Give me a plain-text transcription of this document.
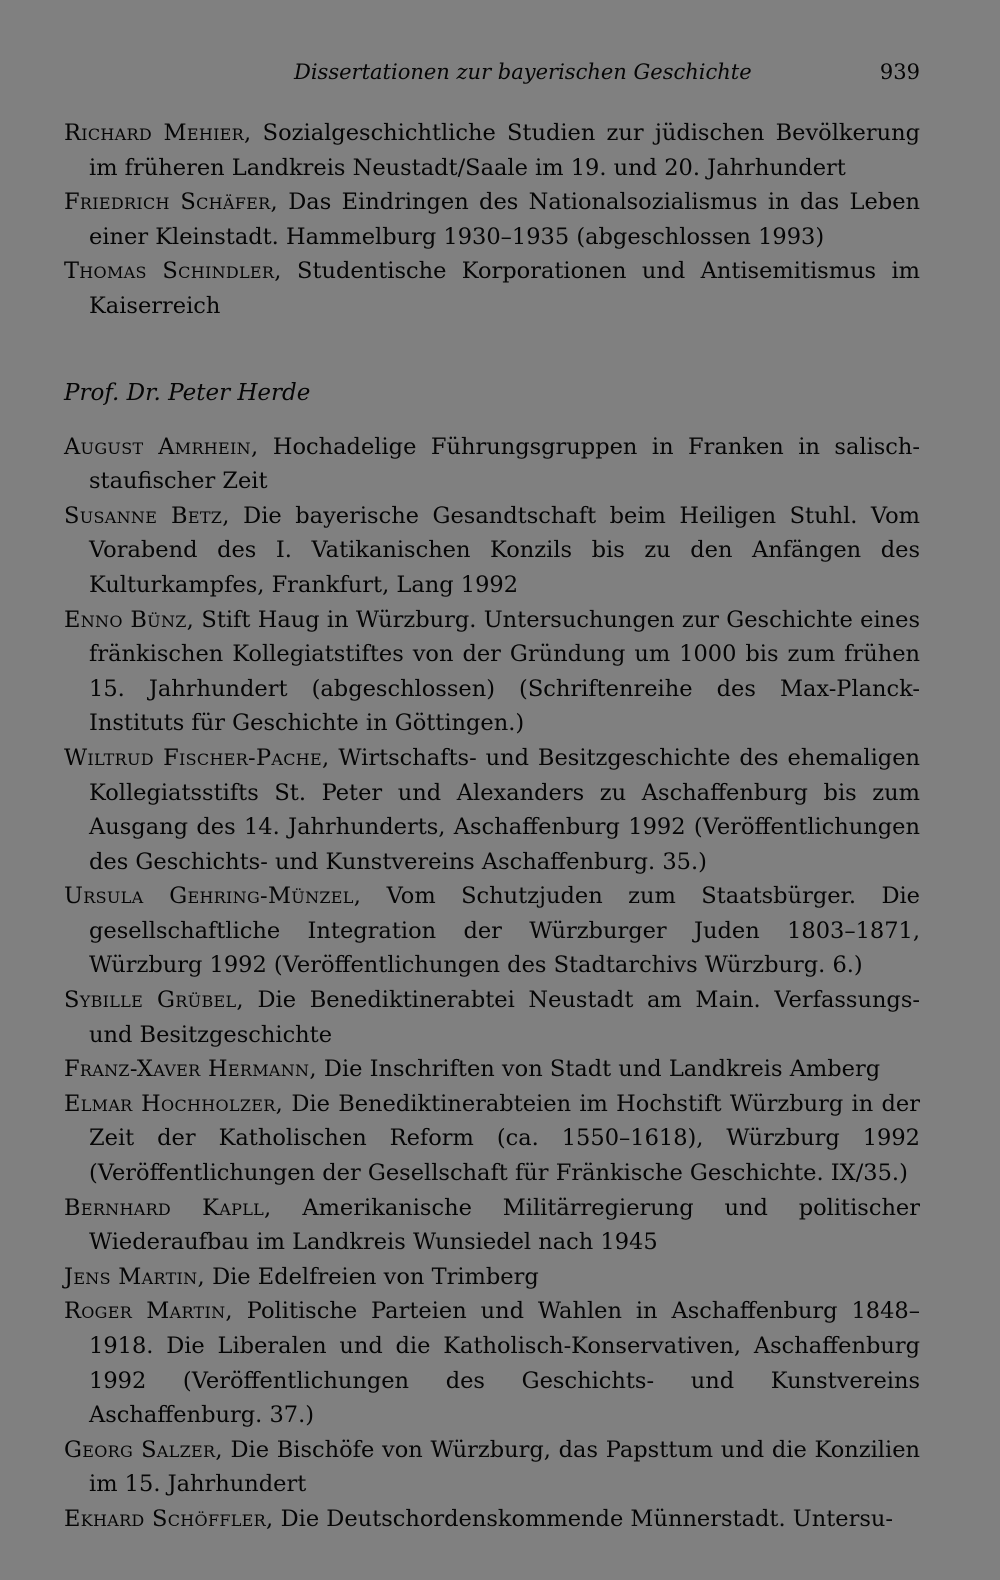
Dissertationen zur bayerischen Geschichte	939
Richard Mehier, Sozialgeschichtliche Studien zur jüdischen Bevölkerung im früheren Landkreis Neustadt/Saale im 19. und 20. Jahrhundert
Friedrich Schäfer, Das Eindringen des Nationalsozialismus in das Leben einer Kleinstadt. Hammelburg 1930–1935 (abgeschlossen 1993)
Thomas Schindler, Studentische Korporationen und Antisemitismus im Kaiserreich
Prof. Dr. Peter Herde
August Amrhein, Hochadelige Führungsgruppen in Franken in salisch-staufischer Zeit
Susanne Betz, Die bayerische Gesandtschaft beim Heiligen Stuhl. Vom Vorabend des I. Vatikanischen Konzils bis zu den Anfängen des Kulturkampfes, Frankfurt, Lang 1992
Enno Bünz, Stift Haug in Würzburg. Untersuchungen zur Geschichte eines fränkischen Kollegiatstiftes von der Gründung um 1000 bis zum frühen 15. Jahrhundert (abgeschlossen) (Schriftenreihe des Max-Planck-Instituts für Geschichte in Göttingen.)
Wiltrud Fischer-Pache, Wirtschafts- und Besitzgeschichte des ehemaligen Kollegiatsstifts St. Peter und Alexanders zu Aschaffenburg bis zum Ausgang des 14. Jahrhunderts, Aschaffenburg 1992 (Veröffentlichungen des Geschichts- und Kunstvereins Aschaffenburg. 35.)
Ursula Gehring-Münzel, Vom Schutzjuden zum Staatsbürger. Die gesellschaftliche Integration der Würzburger Juden 1803–1871, Würzburg 1992 (Veröffentlichungen des Stadtarchivs Würzburg. 6.)
Sybille Grübel, Die Benediktinerabtei Neustadt am Main. Verfassungs- und Besitzgeschichte
Franz-Xaver Hermann, Die Inschriften von Stadt und Landkreis Amberg
Elmar Hochholzer, Die Benediktinerabteien im Hochstift Würzburg in der Zeit der Katholischen Reform (ca. 1550–1618), Würzburg 1992 (Veröffentlichungen der Gesellschaft für Fränkische Geschichte. IX/35.)
Bernhard Kapll, Amerikanische Militärregierung und politischer Wiederaufbau im Landkreis Wunsiedel nach 1945
Jens Martin, Die Edelfreien von Trimberg
Roger Martin, Politische Parteien und Wahlen in Aschaffenburg 1848–1918. Die Liberalen und die Katholisch-Konservativen, Aschaffenburg 1992 (Veröffentlichungen des Geschichts- und Kunstvereins Aschaffenburg. 37.)
Georg Salzer, Die Bischöfe von Würzburg, das Papsttum und die Konzilien im 15. Jahrhundert
Ekhard Schöffler, Die Deutschordenskommende Münnerstadt. Untersu-
